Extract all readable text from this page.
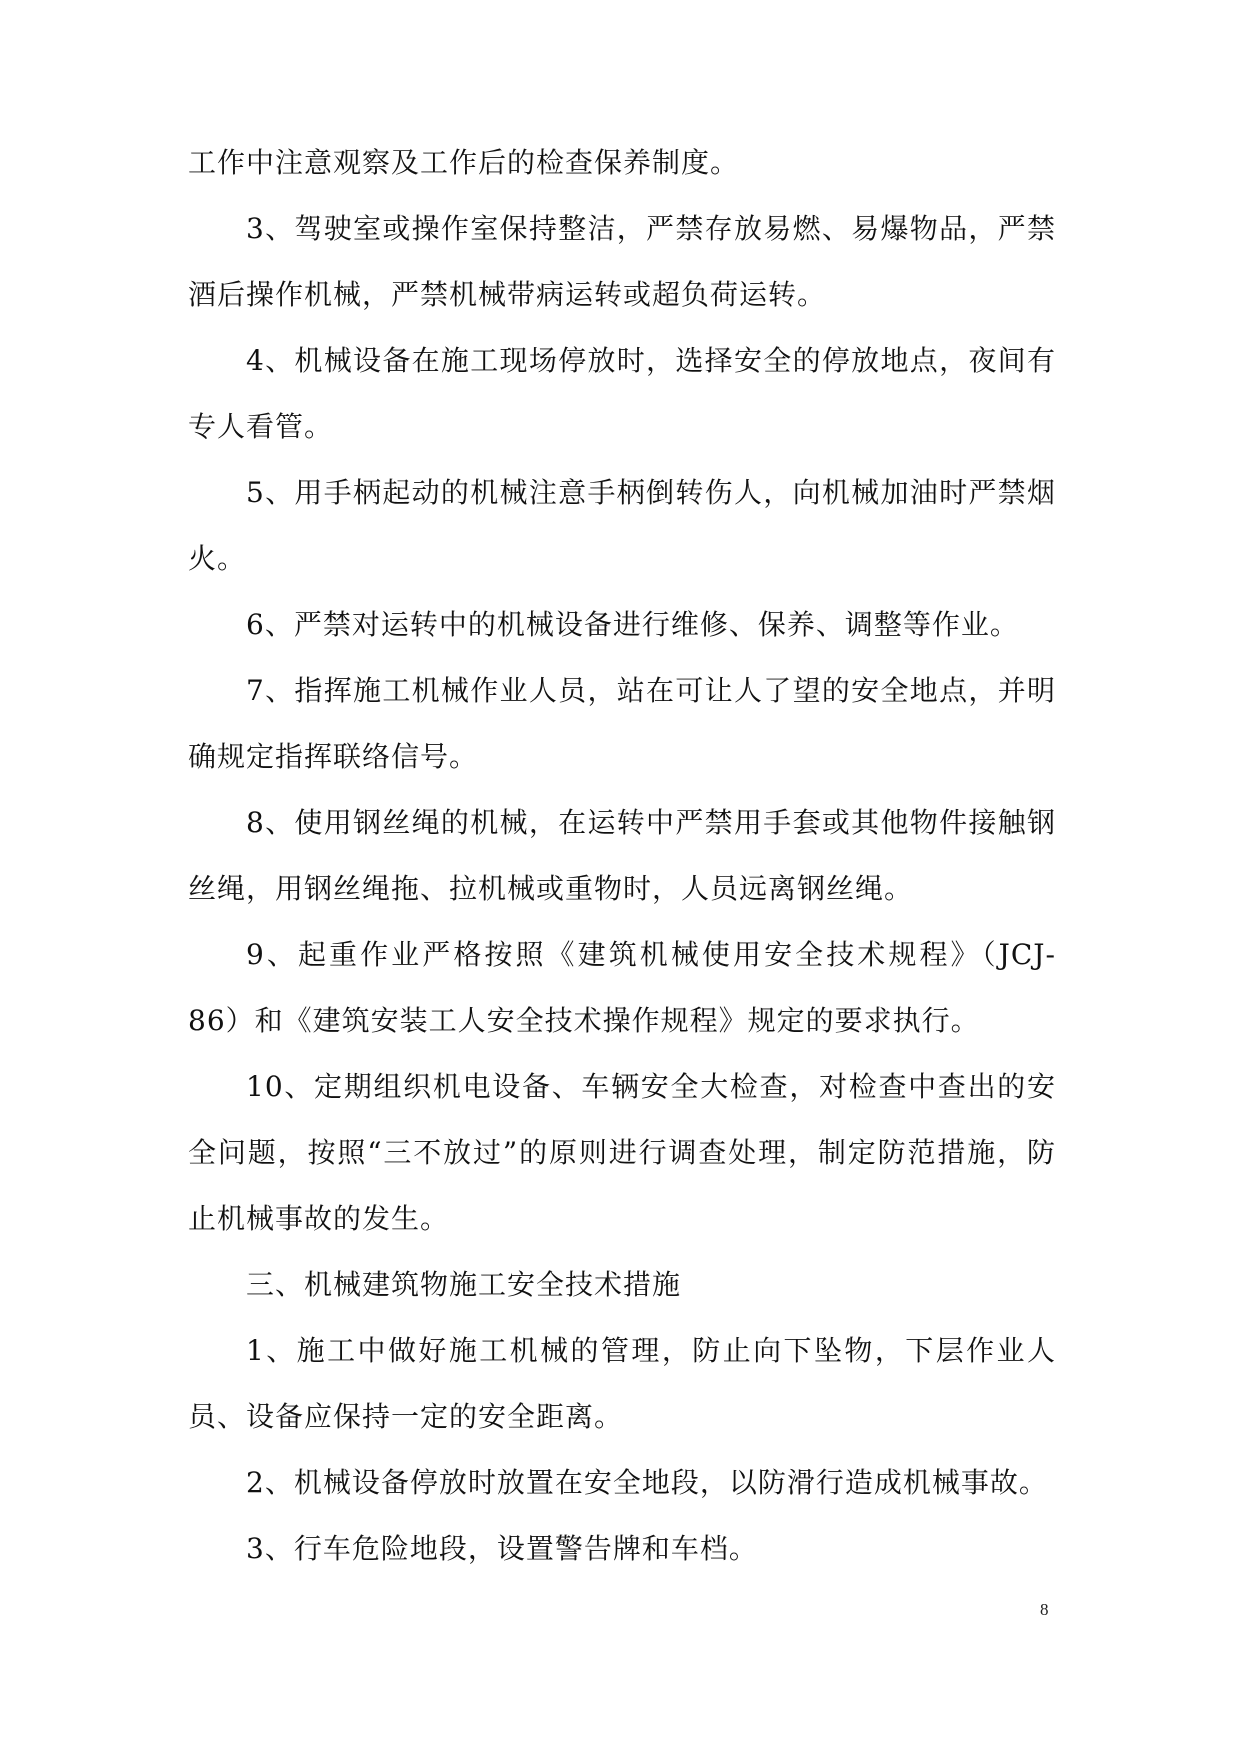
工作中注意观察及工作后的检查保养制度。

3、驾驶室或操作室保持整洁，严禁存放易燃、易爆物品，严禁酒后操作机械，严禁机械带病运转或超负荷运转。

4、机械设备在施工现场停放时，选择安全的停放地点，夜间有专人看管。

5、用手柄起动的机械注意手柄倒转伤人，向机械加油时严禁烟火。

6、严禁对运转中的机械设备进行维修、保养、调整等作业。

7、指挥施工机械作业人员，站在可让人了望的安全地点，并明确规定指挥联络信号。

8、使用钢丝绳的机械，在运转中严禁用手套或其他物件接触钢丝绳，用钢丝绳拖、拉机械或重物时，人员远离钢丝绳。

9、起重作业严格按照《建筑机械使用安全技术规程》（JCJ-86）和《建筑安装工人安全技术操作规程》规定的要求执行。

10、定期组织机电设备、车辆安全大检查，对检查中查出的安全问题，按照“三不放过”的原则进行调查处理，制定防范措施，防止机械事故的发生。

三、机械建筑物施工安全技术措施

1、施工中做好施工机械的管理，防止向下坠物，下层作业人员、设备应保持一定的安全距离。

2、机械设备停放时放置在安全地段，以防滑行造成机械事故。

3、行车危险地段，设置警告牌和车档。

8
